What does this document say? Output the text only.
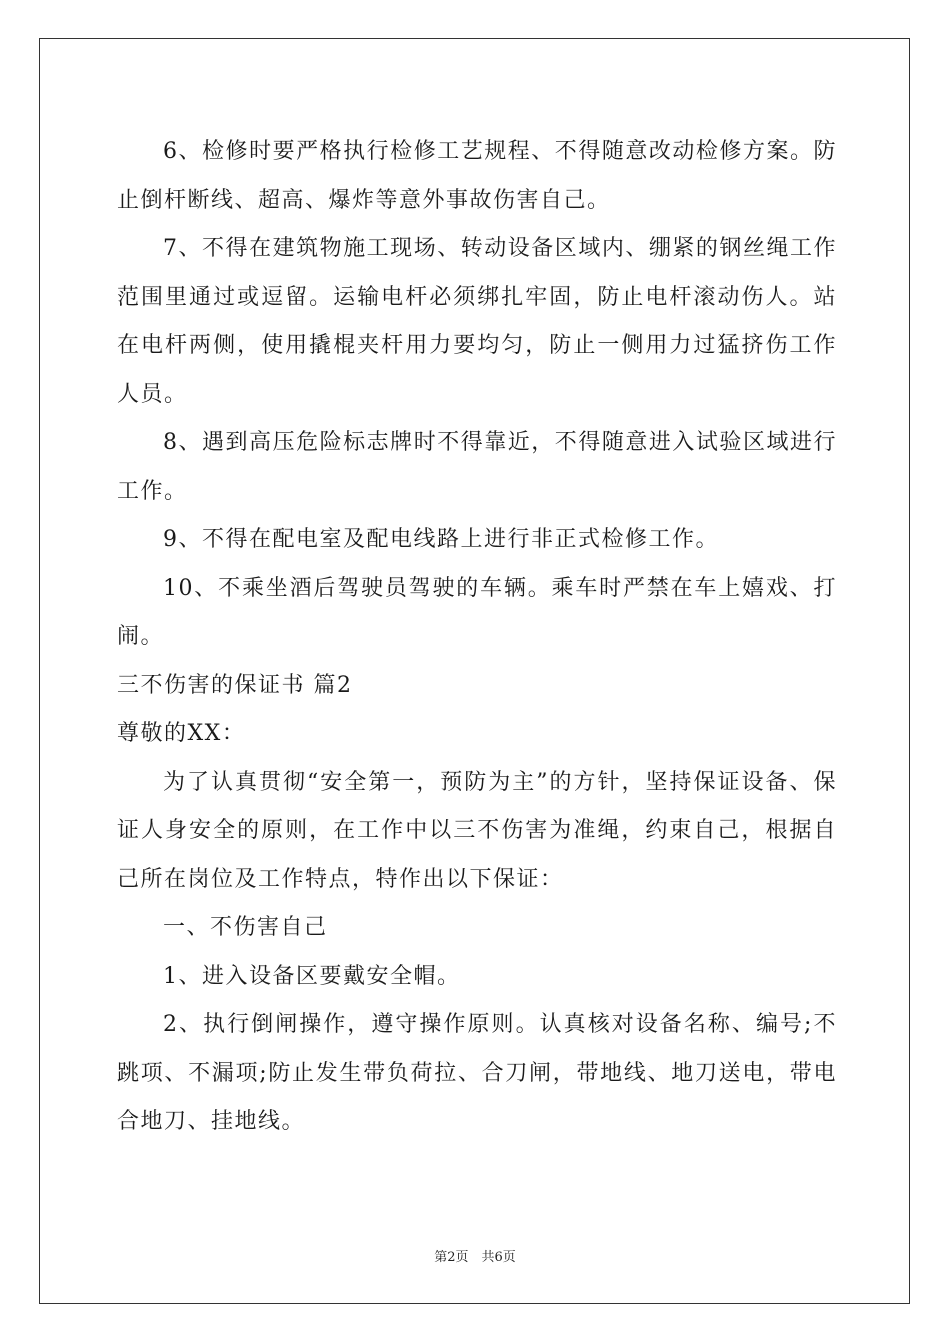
6、检修时要严格执行检修工艺规程、不得随意改动检修方案。防止倒杆断线、超高、爆炸等意外事故伤害自己。

7、不得在建筑物施工现场、转动设备区域内、绷紧的钢丝绳工作范围里通过或逗留。运输电杆必须绑扎牢固，防止电杆滚动伤人。站在电杆两侧，使用撬棍夹杆用力要均匀，防止一侧用力过猛挤伤工作人员。

8、遇到高压危险标志牌时不得靠近，不得随意进入试验区域进行工作。

9、不得在配电室及配电线路上进行非正式检修工作。

10、不乘坐酒后驾驶员驾驶的车辆。乘车时严禁在车上嬉戏、打闹。

三不伤害的保证书 篇2

尊敬的XX：

为了认真贯彻“安全第一，预防为主”的方针，坚持保证设备、保证人身安全的原则，在工作中以三不伤害为准绳，约束自己，根据自己所在岗位及工作特点，特作出以下保证：

一、不伤害自己

1、进入设备区要戴安全帽。

2、执行倒闸操作，遵守操作原则。认真核对设备名称、编号;不跳项、不漏项;防止发生带负荷拉、合刀闸，带地线、地刀送电，带电合地刀、挂地线。

第2页　共6页
